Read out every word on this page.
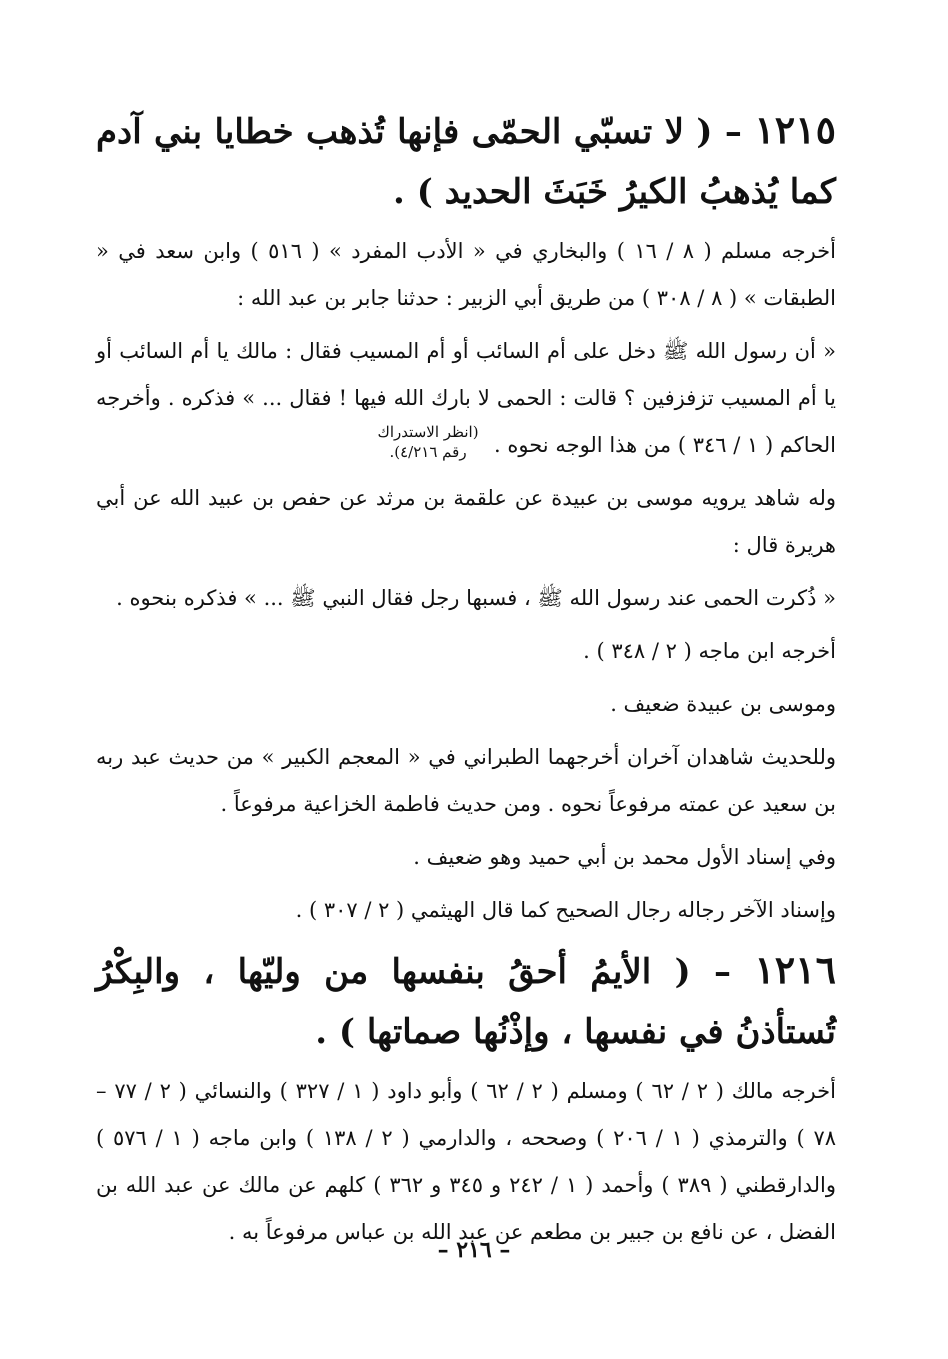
١٢١٥ – ( لا تسبّي الحمّى فإنها تُذهب خطايا بني آدم كما يُذهبُ الكيرُ خَبَثَ الحديد ) .

أخرجه مسلم ( ٨ / ١٦ ) والبخاري في « الأدب المفرد » ( ٥١٦ ) وابن سعد في « الطبقات » ( ٨ / ٣٠٨ ) من طريق أبي الزبير : حدثنا جابر بن عبد الله :

« أن رسول الله ﷺ دخل على أم السائب أو أم المسيب فقال : مالك يا أم السائب أو يا أم المسيب تزفزفين ؟ قالت : الحمى لا بارك الله فيها ! فقال ... » فذكره . وأخرجه الحاكم ( ١ / ٣٤٦ ) من هذا الوجه نحوه .(انظر الاستدراك رقم ٤/٢١٦).

وله شاهد يرويه موسى بن عبيدة عن علقمة بن مرثد عن حفص بن عبيد الله عن أبي هريرة قال :

« ذُكرت الحمى عند رسول الله ﷺ ، فسبها رجل فقال النبي ﷺ ... » فذكره بنحوه .

أخرجه ابن ماجه ( ٢ / ٣٤٨ ) .

وموسى بن عبيدة ضعيف .

وللحديث شاهدان آخران أخرجهما الطبراني في « المعجم الكبير » من حديث عبد ربه بن سعيد عن عمته مرفوعاً نحوه . ومن حديث فاطمة الخزاعية مرفوعاً .

وفي إسناد الأول محمد بن أبي حميد وهو ضعيف .

وإسناد الآخر رجاله رجال الصحيح كما قال الهيثمي ( ٢ / ٣٠٧ ) .

١٢١٦ – ( الأيمُ أحقُ بنفسها من وليّها ، والبِكْرُ تُستأذنُ في نفسها ، وإذْنُها صماتها ) .

أخرجه مالك ( ٢ / ٦٢ ) ومسلم ( ٢ / ٦٢ ) وأبو داود ( ١ / ٣٢٧ ) والنسائي ( ٢ / ٧٧ – ٧٨ ) والترمذي ( ١ / ٢٠٦ ) وصححه ، والدارمي ( ٢ / ١٣٨ ) وابن ماجه ( ١ / ٥٧٦ ) والدارقطني ( ٣٨٩ ) وأحمد ( ١ / ٢٤٢ و ٣٤٥ و ٣٦٢ ) كلهم عن مالك عن عبد الله بن الفضل ، عن نافع بن جبير بن مطعم عن عبد الله بن عباس مرفوعاً به .

– ٢١٦ –
